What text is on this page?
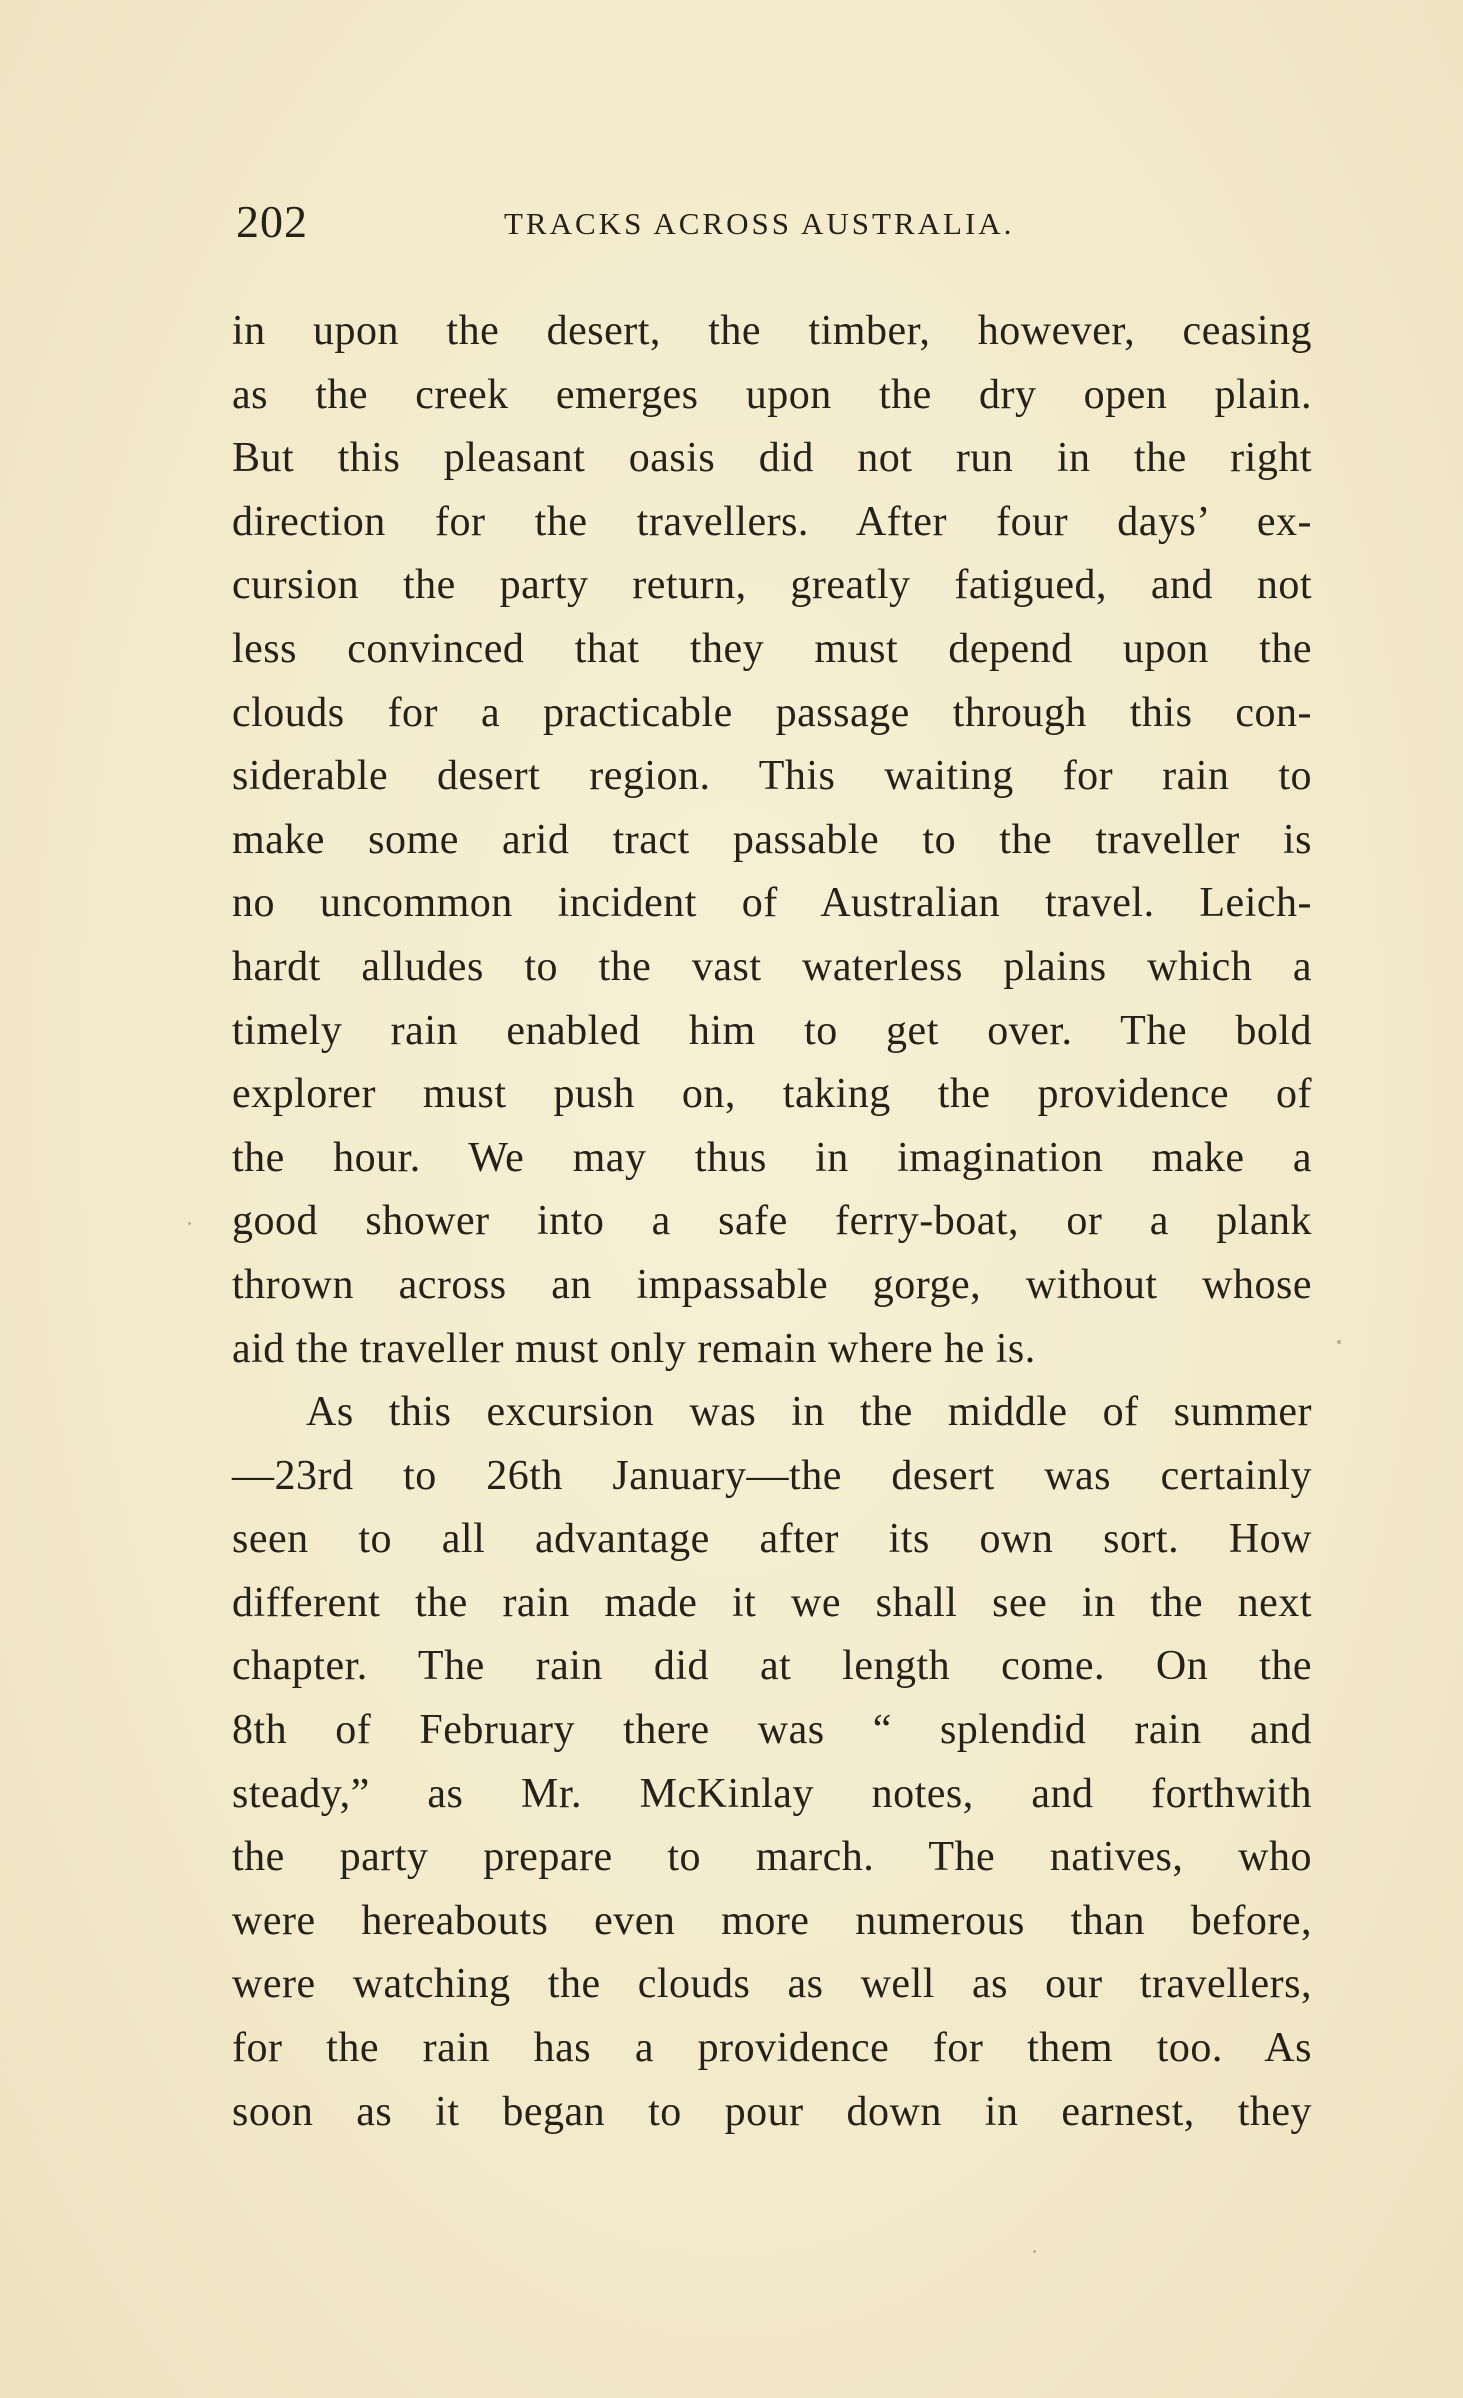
202	TRACKS ACROSS AUSTRALIA.
in upon the desert, the timber, however, ceasing
as the creek emerges upon the dry open plain.
But this pleasant oasis did not run in the right
direction for the travellers. After four days’ ex-
cursion the party return, greatly fatigued, and not
less convinced that they must depend upon the
clouds for a practicable passage through this con-
siderable desert region. This waiting for rain to
make some arid tract passable to the traveller is
no uncommon incident of Australian travel. Leich-
hardt alludes to the vast waterless plains which a
timely rain enabled him to get over. The bold
explorer must push on, taking the providence of
the hour. We may thus in imagination make a
good shower into a safe ferry-boat, or a plank
thrown across an impassable gorge, without whose
aid the traveller must only remain where he is.
As this excursion was in the middle of summer
—23rd to 26th January—the desert was certainly
seen to all advantage after its own sort. How
different the rain made it we shall see in the next
chapter. The rain did at length come. On the
8th of February there was “ splendid rain and
steady,” as Mr. McKinlay notes, and forthwith
the party prepare to march. The natives, who
were hereabouts even more numerous than before,
were watching the clouds as well as our travellers,
for the rain has a providence for them too. As
soon as it began to pour down in earnest, they
